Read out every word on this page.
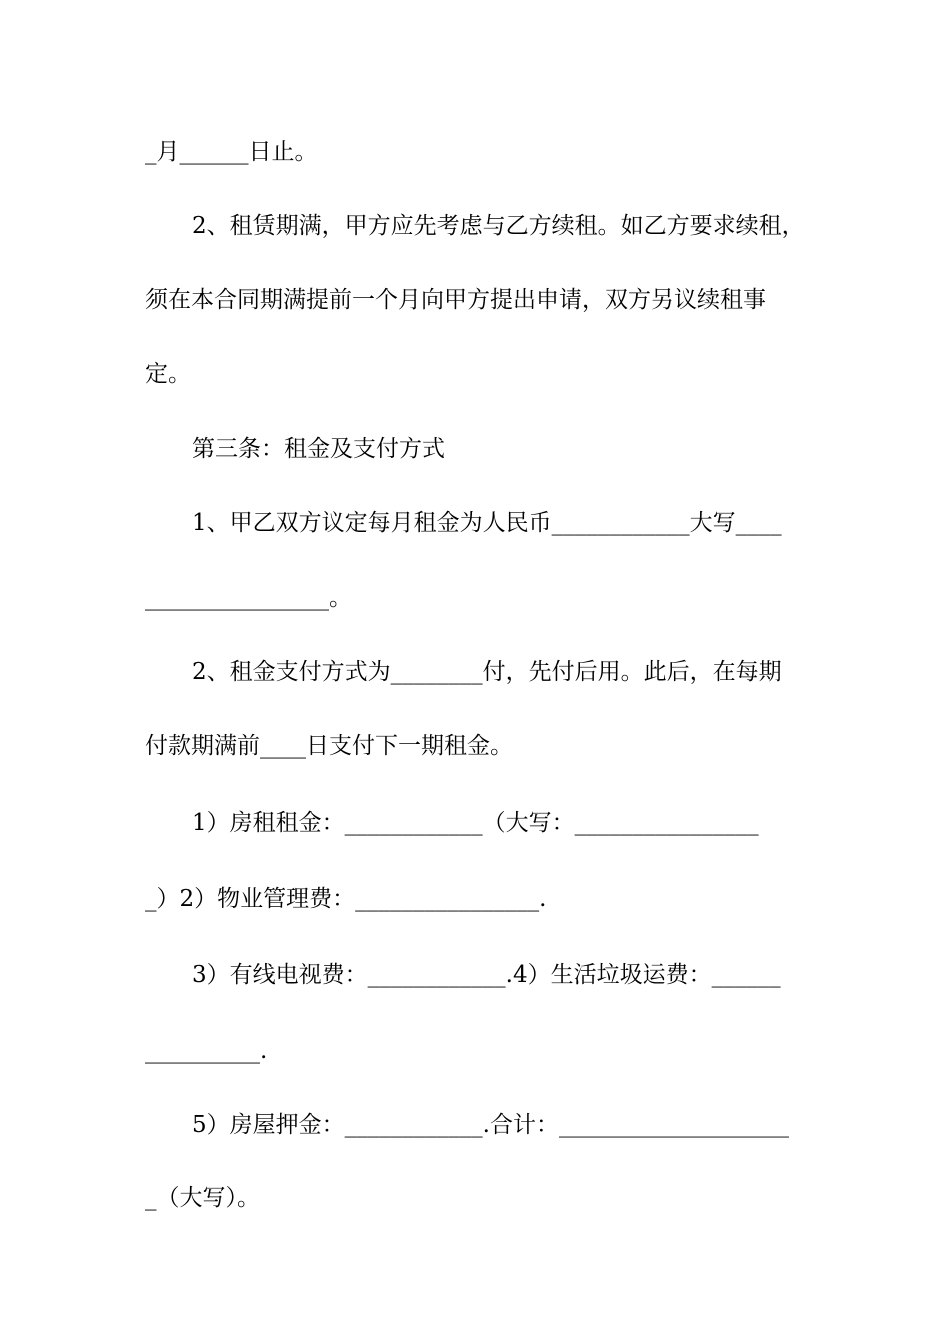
_月______日止。
2、租赁期满，甲方应先考虑与乙方续租。如乙方要求续租，
须在本合同期满提前一个月向甲方提出申请，双方另议续租事
定。
第三条：租金及支付方式
1、甲乙双方议定每月租金为人民币____________大写____
________________。
2、租金支付方式为________付，先付后用。此后，在每期
付款期满前____日支付下一期租金。
1）房租租金：____________（大写：________________
_）2）物业管理费：________________.
3）有线电视费：____________.4）生活垃圾运费：______
__________.
5）房屋押金：____________.合计：____________________
_（大写）。
